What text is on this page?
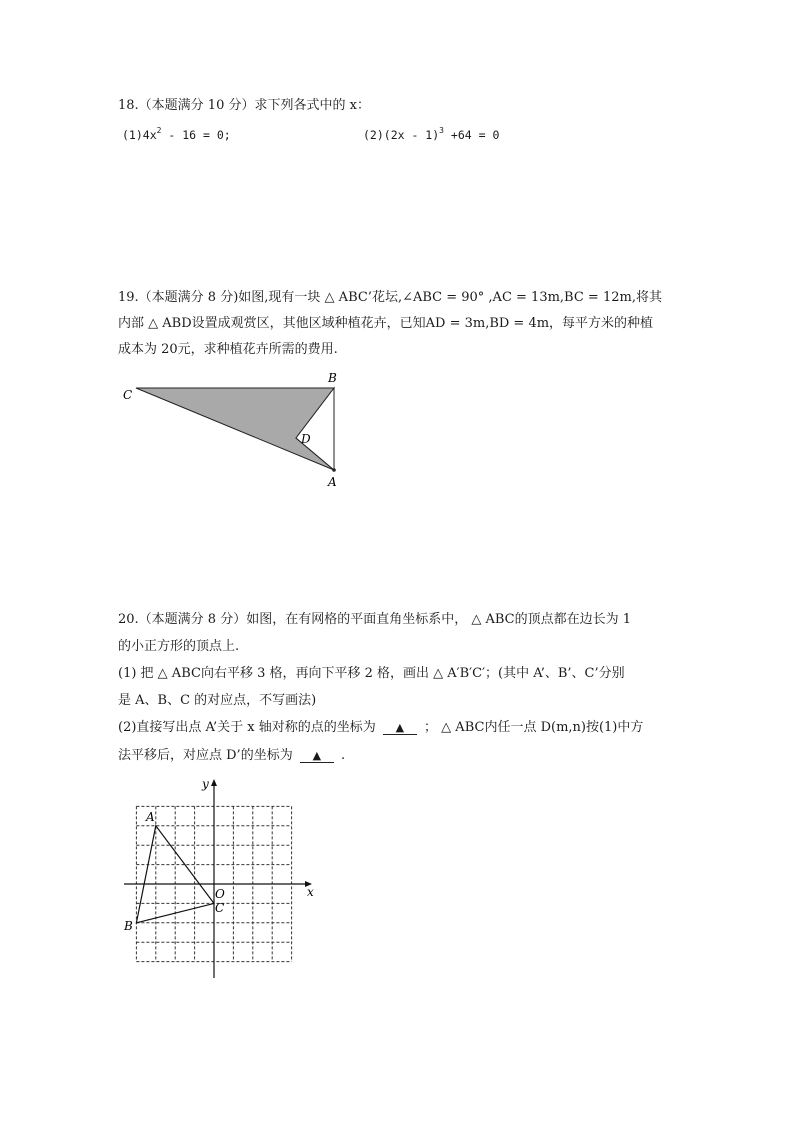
18.（本题满分 10 分）求下列各式中的 x：
$(1)4x^2 - 16 = 0$;	(2)(2x - 1)$^3$ +64 = 0
19.（本题满分 8 分)如图,现有一块 △ ABC’花坛,∠ABC = 90° ,AC = 13m,BC = 12m,将其
内部 △ ABD设置成观赏区，其他区域种植花卉，已知AD = 3m,BD = 4m，每平方米的种植
成本为 20元，求种植花卉所需的费用.
C
B
D
A
20.（本题满分 8 分）如图，在有网格的平面直角坐标系中， △ ABC的顶点都在边长为 1
的小正方形的顶点上.
(1) 把 △ ABC向右平移 3 格，再向下平移 2 格，画出 △ A′B′C′；(其中 A’、B’、C’分别
是 A、B、C 的对应点，不写画法)
(2)直接写出点 A’关于 x 轴对称的点的坐标为 ▲ ； △ ABC内任一点 D(m,n)按(1)中方
法平移后，对应点 D’的坐标为 ▲ .
y
x
O
A
B
C
